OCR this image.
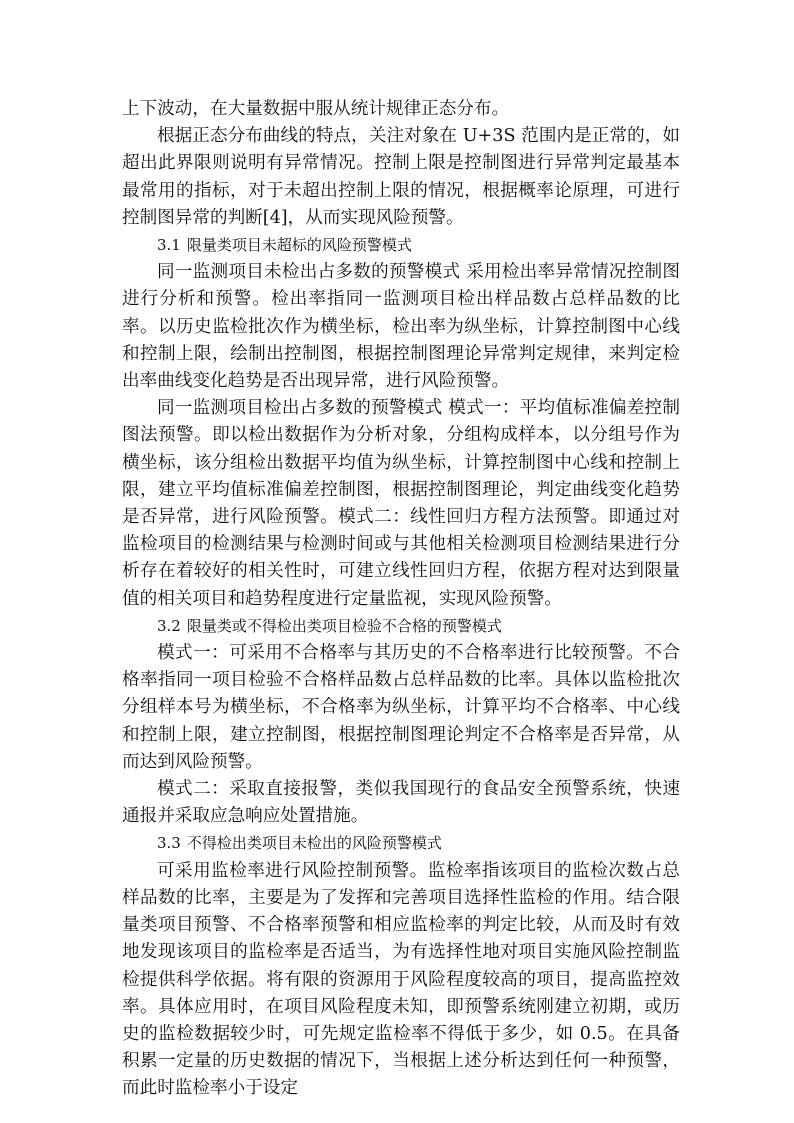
上下波动，在大量数据中服从统计规律正态分布。

根据正态分布曲线的特点，关注对象在 U+3S 范围内是正常的，如超出此界限则说明有异常情况。控制上限是控制图进行异常判定最基本最常用的指标，对于未超出控制上限的情况，根据概率论原理，可进行控制图异常的判断[4]，从而实现风险预警。

3.1 限量类项目未超标的风险预警模式

同一监测项目未检出占多数的预警模式 采用检出率异常情况控制图进行分析和预警。检出率指同一监测项目检出样品数占总样品数的比率。以历史监检批次作为横坐标，检出率为纵坐标，计算控制图中心线和控制上限，绘制出控制图，根据控制图理论异常判定规律，来判定检出率曲线变化趋势是否出现异常，进行风险预警。

同一监测项目检出占多数的预警模式 模式一：平均值标准偏差控制图法预警。即以检出数据作为分析对象，分组构成样本，以分组号作为横坐标，该分组检出数据平均值为纵坐标，计算控制图中心线和控制上限，建立平均值标准偏差控制图，根据控制图理论，判定曲线变化趋势是否异常，进行风险预警。模式二：线性回归方程方法预警。即通过对监检项目的检测结果与检测时间或与其他相关检测项目检测结果进行分析存在着较好的相关性时，可建立线性回归方程，依据方程对达到限量值的相关项目和趋势程度进行定量监视，实现风险预警。

3.2 限量类或不得检出类项目检验不合格的预警模式

模式一：可采用不合格率与其历史的不合格率进行比较预警。不合格率指同一项目检验不合格样品数占总样品数的比率。具体以监检批次分组样本号为横坐标，不合格率为纵坐标，计算平均不合格率、中心线和控制上限，建立控制图，根据控制图理论判定不合格率是否异常，从而达到风险预警。

模式二：采取直接报警，类似我国现行的食品安全预警系统，快速通报并采取应急响应处置措施。

3.3 不得检出类项目未检出的风险预警模式

可采用监检率进行风险控制预警。监检率指该项目的监检次数占总样品数的比率，主要是为了发挥和完善项目选择性监检的作用。结合限量类项目预警、不合格率预警和相应监检率的判定比较，从而及时有效地发现该项目的监检率是否适当，为有选择性地对项目实施风险控制监检提供科学依据。将有限的资源用于风险程度较高的项目，提高监控效率。具体应用时，在项目风险程度未知，即预警系统刚建立初期，或历史的监检数据较少时，可先规定监检率不得低于多少，如 0.5。在具备积累一定量的历史数据的情况下，当根据上述分析达到任何一种预警，而此时监检率小于设定
